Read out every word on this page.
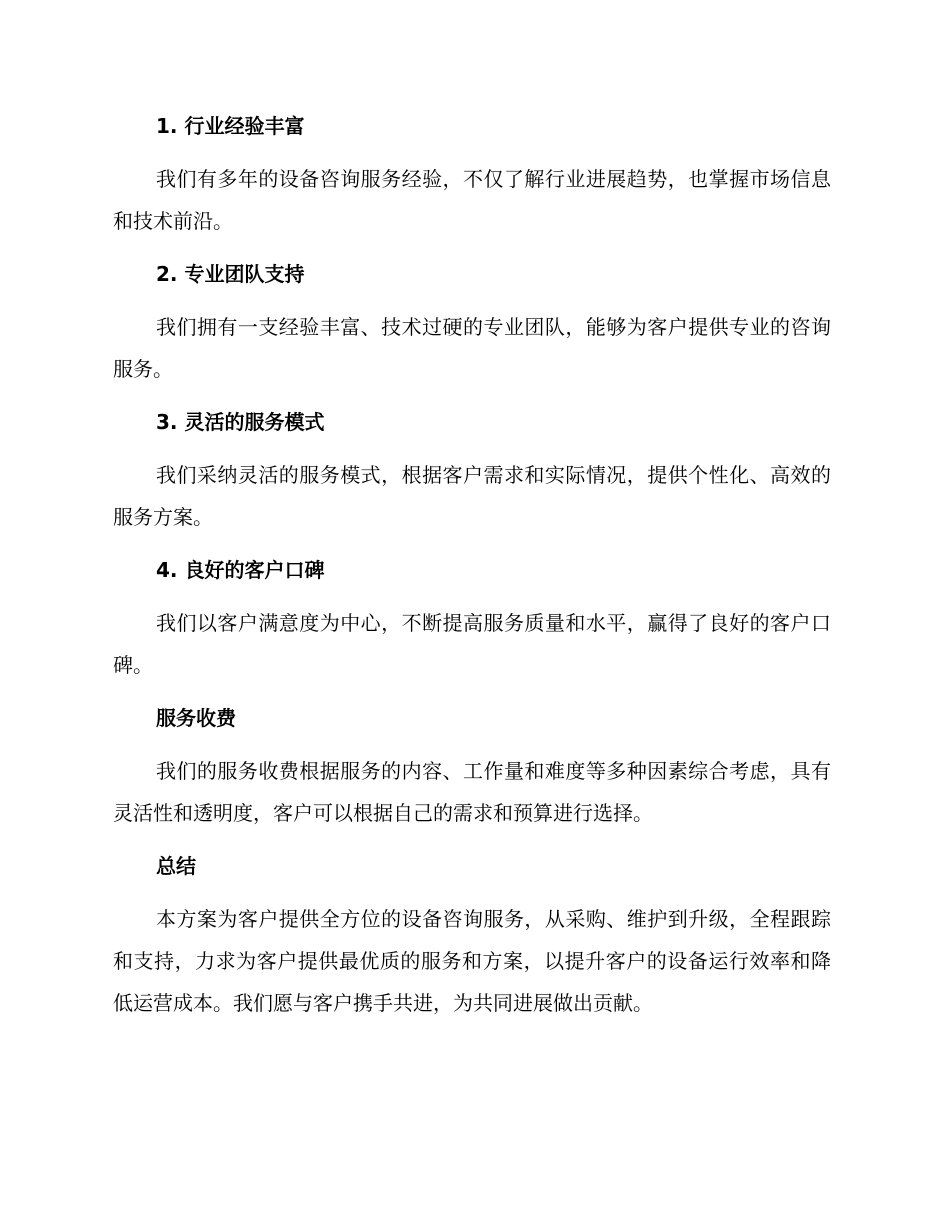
1. 行业经验丰富

我们有多年的设备咨询服务经验，不仅了解行业进展趋势，也掌握市场信息和技术前沿。

2. 专业团队支持

我们拥有一支经验丰富、技术过硬的专业团队，能够为客户提供专业的咨询服务。

3. 灵活的服务模式

我们采纳灵活的服务模式，根据客户需求和实际情况，提供个性化、高效的服务方案。

4. 良好的客户口碑

我们以客户满意度为中心，不断提高服务质量和水平，赢得了良好的客户口碑。

服务收费

我们的服务收费根据服务的内容、工作量和难度等多种因素综合考虑，具有灵活性和透明度，客户可以根据自己的需求和预算进行选择。

总结

本方案为客户提供全方位的设备咨询服务，从采购、维护到升级，全程跟踪和支持，力求为客户提供最优质的服务和方案，以提升客户的设备运行效率和降低运营成本。我们愿与客户携手共进，为共同进展做出贡献。
